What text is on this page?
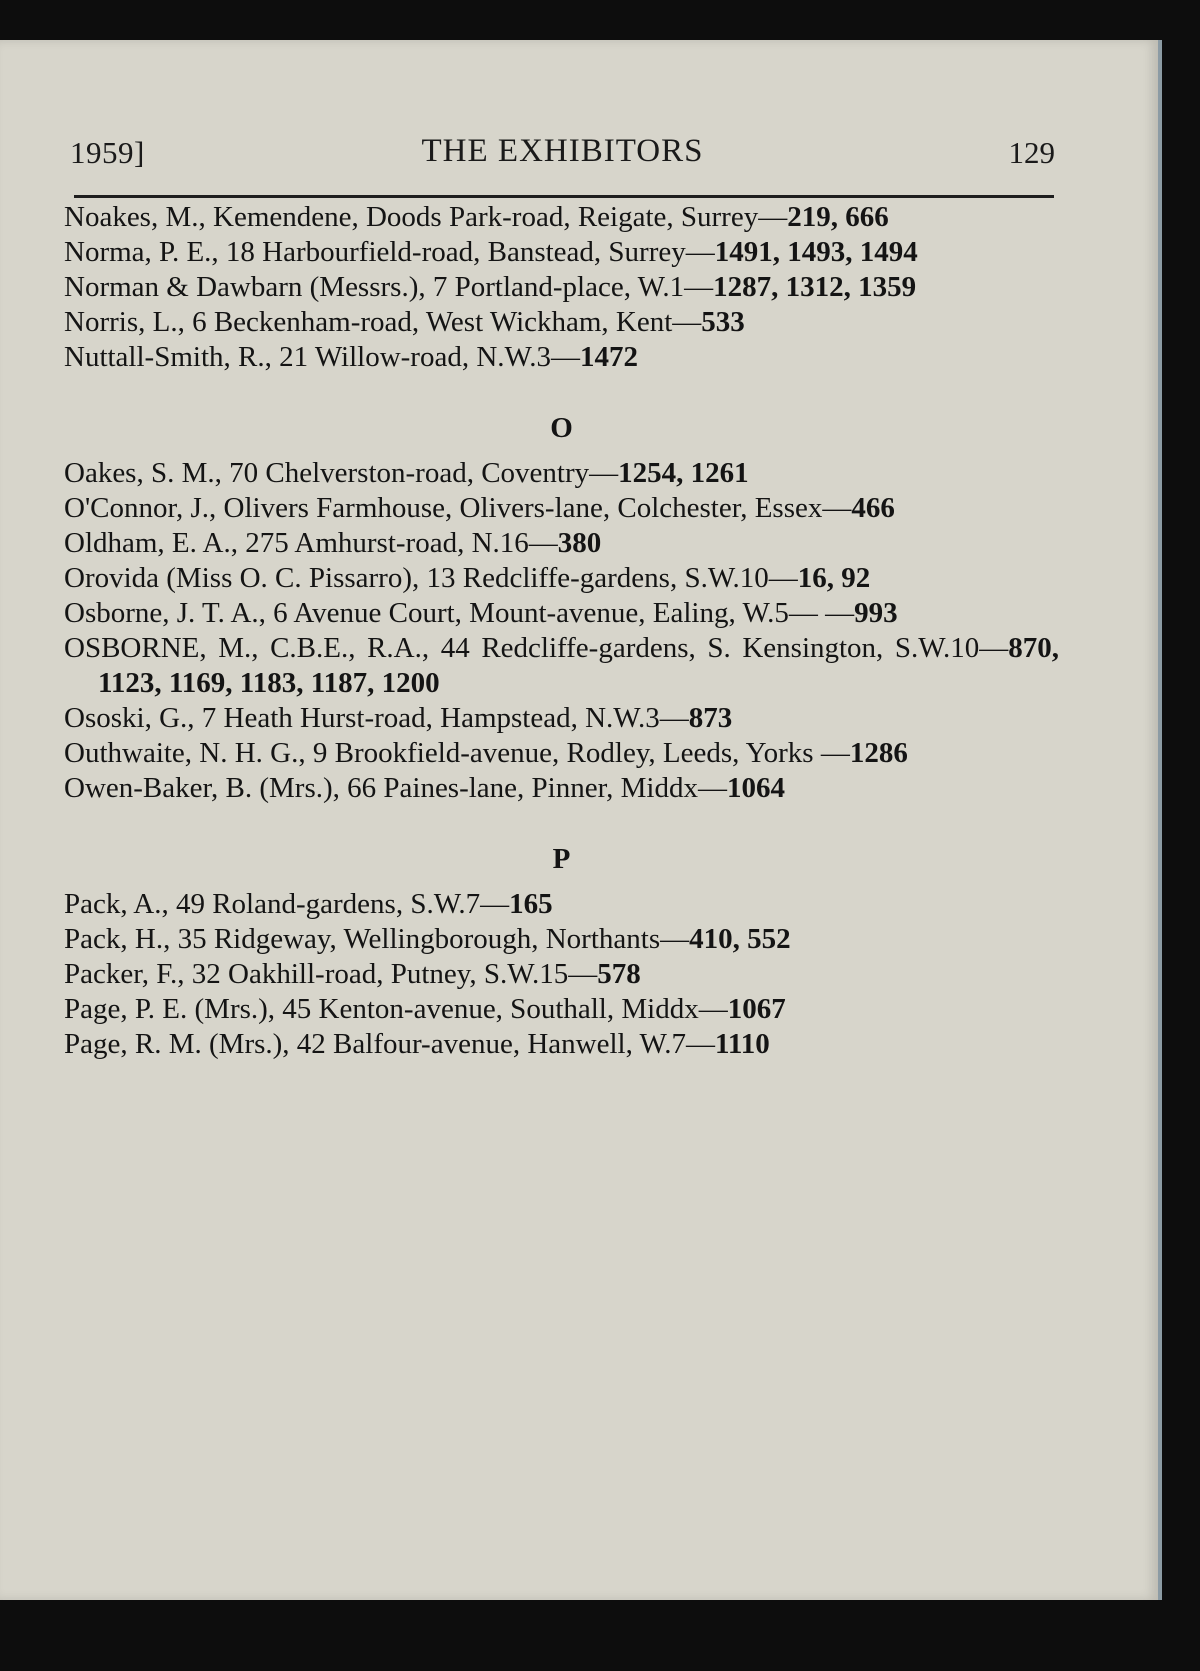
1959]	THE EXHIBITORS	129
Noakes, M., Kemendene, Doods Park-road, Reigate, Surrey—219, 666
Norma, P. E., 18 Harbourfield-road, Banstead, Surrey—1491, 1493, 1494
Norman & Dawbarn (Messrs.), 7 Portland-place, W.1—1287, 1312, 1359
Norris, L., 6 Beckenham-road, West Wickham, Kent—533
Nuttall-Smith, R., 21 Willow-road, N.W.3—1472
O
Oakes, S. M., 70 Chelverston-road, Coventry—1254, 1261
O'Connor, J., Olivers Farmhouse, Olivers-lane, Colchester, Essex—466
Oldham, E. A., 275 Amhurst-road, N.16—380
Orovida (Miss O. C. Pissarro), 13 Redcliffe-gardens, S.W.10—16, 92
Osborne, J. T. A., 6 Avenue Court, Mount-avenue, Ealing, W.5— —993
OSBORNE, M., C.B.E., R.A., 44 Redcliffe-gardens, S. Kensington, S.W.10—870, 1123, 1169, 1183, 1187, 1200
Ososki, G., 7 Heath Hurst-road, Hampstead, N.W.3—873
Outhwaite, N. H. G., 9 Brookfield-avenue, Rodley, Leeds, Yorks —1286
Owen-Baker, B. (Mrs.), 66 Paines-lane, Pinner, Middx—1064
P
Pack, A., 49 Roland-gardens, S.W.7—165
Pack, H., 35 Ridgeway, Wellingborough, Northants—410, 552
Packer, F., 32 Oakhill-road, Putney, S.W.15—578
Page, P. E. (Mrs.), 45 Kenton-avenue, Southall, Middx—1067
Page, R. M. (Mrs.), 42 Balfour-avenue, Hanwell, W.7—1110
